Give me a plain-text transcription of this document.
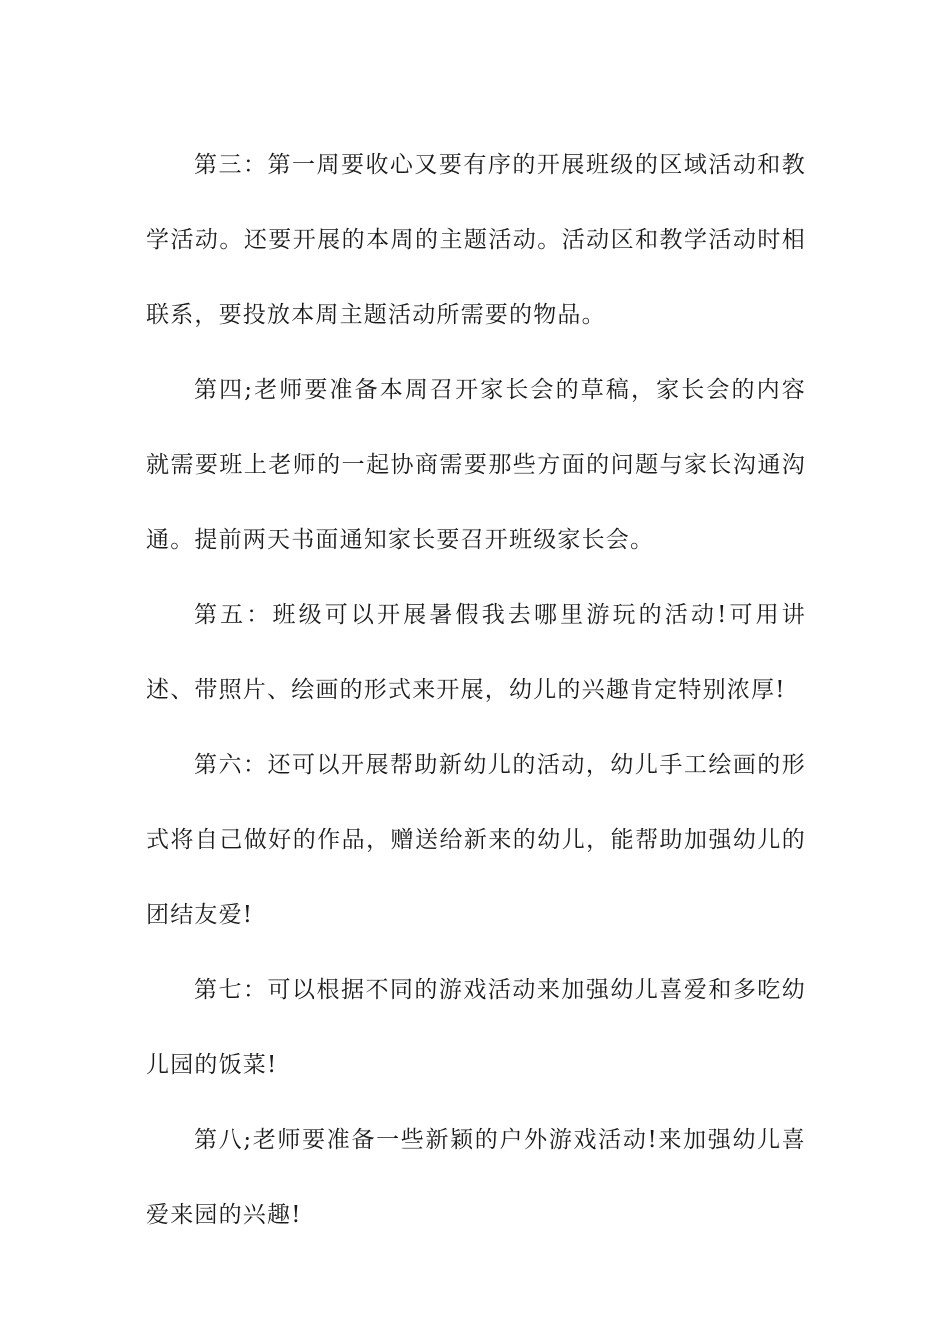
第三：第一周要收心又要有序的开展班级的区域活动和教学活动。还要开展的本周的主题活动。活动区和教学活动时相联系，要投放本周主题活动所需要的物品。

第四;老师要准备本周召开家长会的草稿，家长会的内容就需要班上老师的一起协商需要那些方面的问题与家长沟通沟通。提前两天书面通知家长要召开班级家长会。

第五：班级可以开展暑假我去哪里游玩的活动!可用讲述、带照片、绘画的形式来开展，幼儿的兴趣肯定特别浓厚!

第六：还可以开展帮助新幼儿的活动，幼儿手工绘画的形式将自己做好的作品，赠送给新来的幼儿，能帮助加强幼儿的团结友爱!

第七：可以根据不同的游戏活动来加强幼儿喜爱和多吃幼儿园的饭菜!

第八;老师要准备一些新颖的户外游戏活动!来加强幼儿喜爱来园的兴趣!
